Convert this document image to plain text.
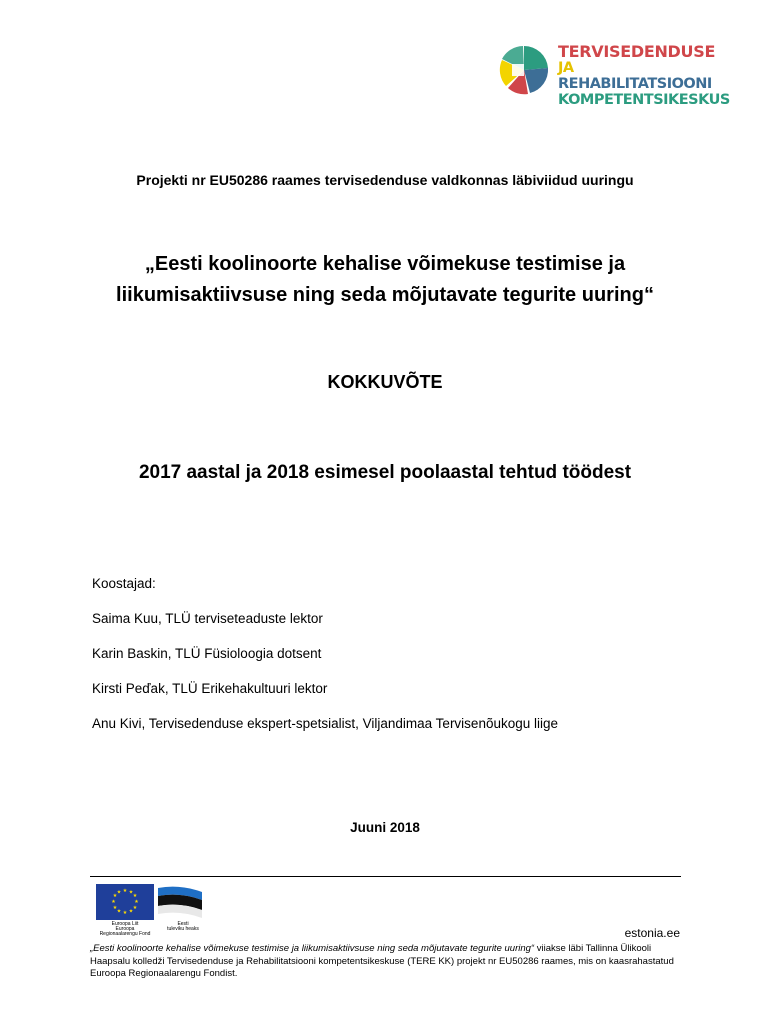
TERVISEDENDUSE
JA REHABILITATSIOONI
KOMPETENTSIKESKUS
Projekti nr EU50286 raames tervisedenduse valdkonnas läbiviidud uuringu
„Eesti koolinoorte kehalise võimekuse testimise ja
liikumisaktiivsuse ning seda mõjutavate tegurite uuring“
KOKKUVÕTE
2017 aastal ja 2018 esimesel poolaastal tehtud töödest
Koostajad:
Saima Kuu, TLÜ terviseteaduste lektor
Karin Baskin, TLÜ Füsioloogia dotsent
Kirsti Peďak, TLÜ Erikehakultuuri lektor
Anu Kivi, Tervisedenduse ekspert-spetsialist, Viljandimaa Tervisenõukogu liige
Juuni 2018
★ ★
★
★
★
★
★
★
★
★
★
★
Euroopa Liit
Euroopa
Regionaalarengu Fond
Eesti
tuleviku heaks	estonia.ee
„Eesti koolinoorte kehalise võimekuse testimise ja liikumisaktiivsuse ning seda mõjutavate tegurite uuring“ viiakse läbi Tallinna Ülikooli Haapsalu kolledži Tervisedenduse ja Rehabilitatsiooni kompetentsikeskuse (TERE KK) projekt nr EU50286 raames, mis on kaasrahastatud Euroopa Regionaalarengu Fondist.
